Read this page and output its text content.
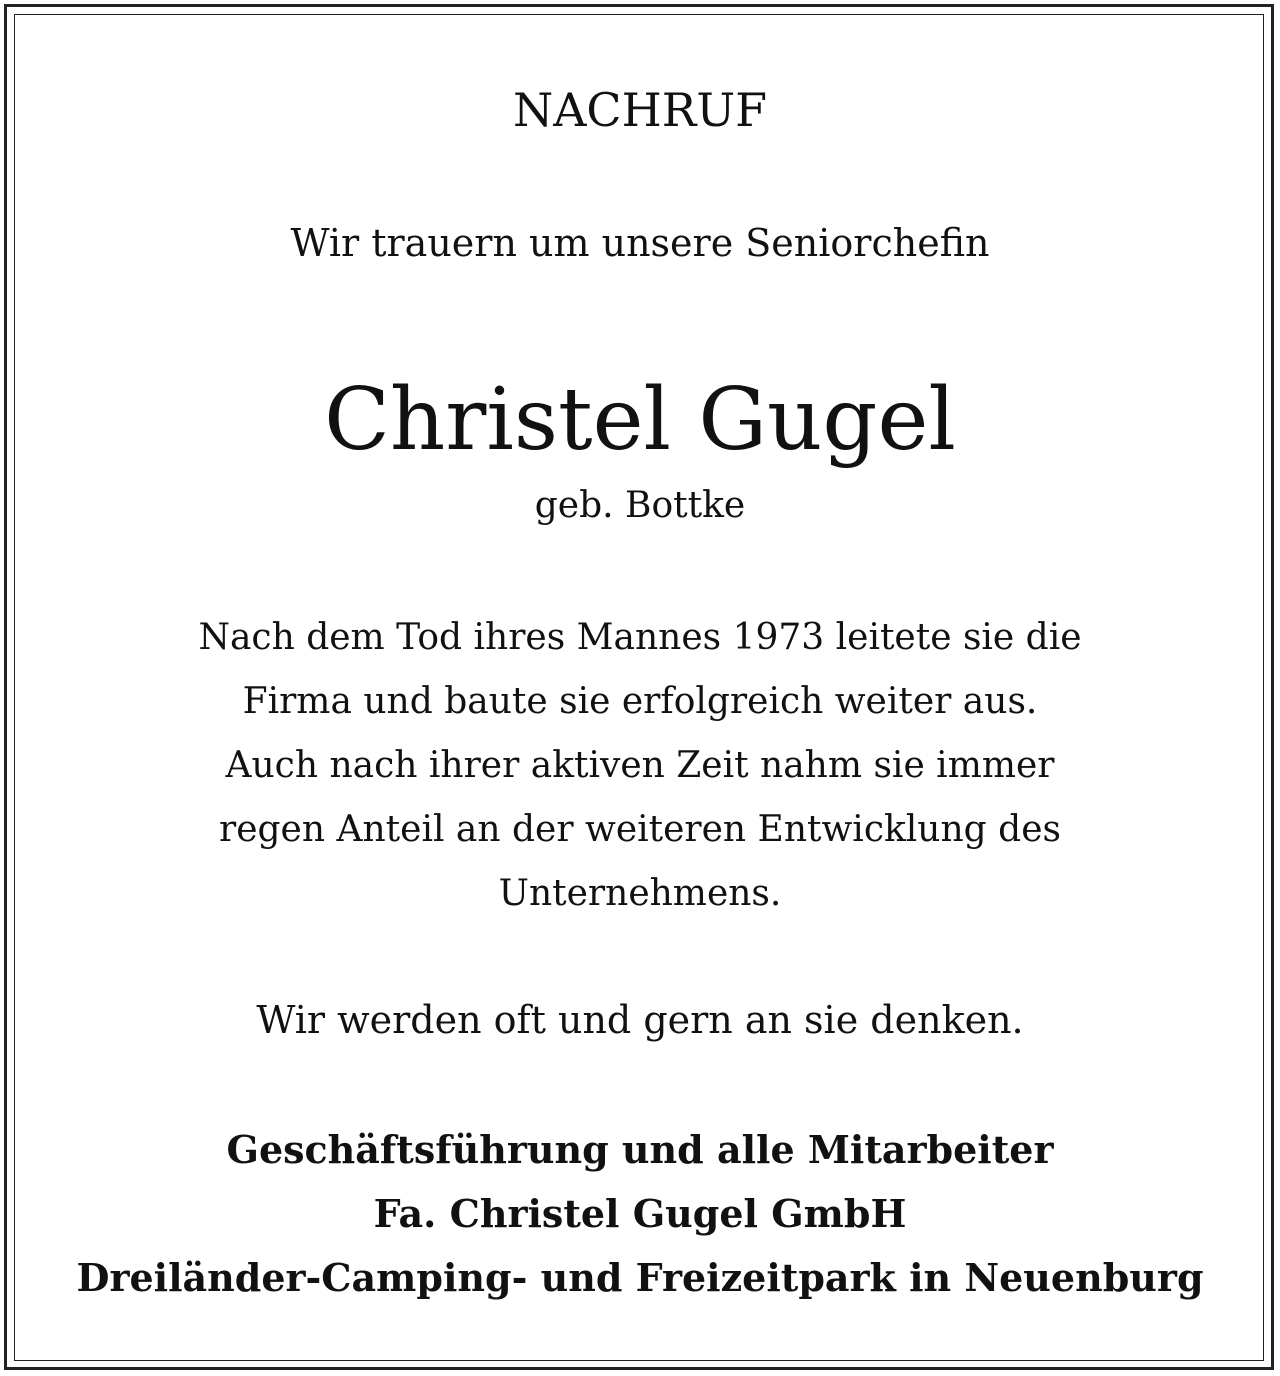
NACHRUF
Wir trauern um unsere Seniorchefin
Christel Gugel
geb. Bottke
Nach dem Tod ihres Mannes 1973 leitete sie die
Firma und baute sie erfolgreich weiter aus.
Auch nach ihrer aktiven Zeit nahm sie immer
regen Anteil an der weiteren Entwicklung des
Unternehmens.
Wir werden oft und gern an sie denken.
Geschäftsführung und alle Mitarbeiter
Fa. Christel Gugel GmbH
Dreiländer-Camping- und Freizeitpark in Neuenburg
